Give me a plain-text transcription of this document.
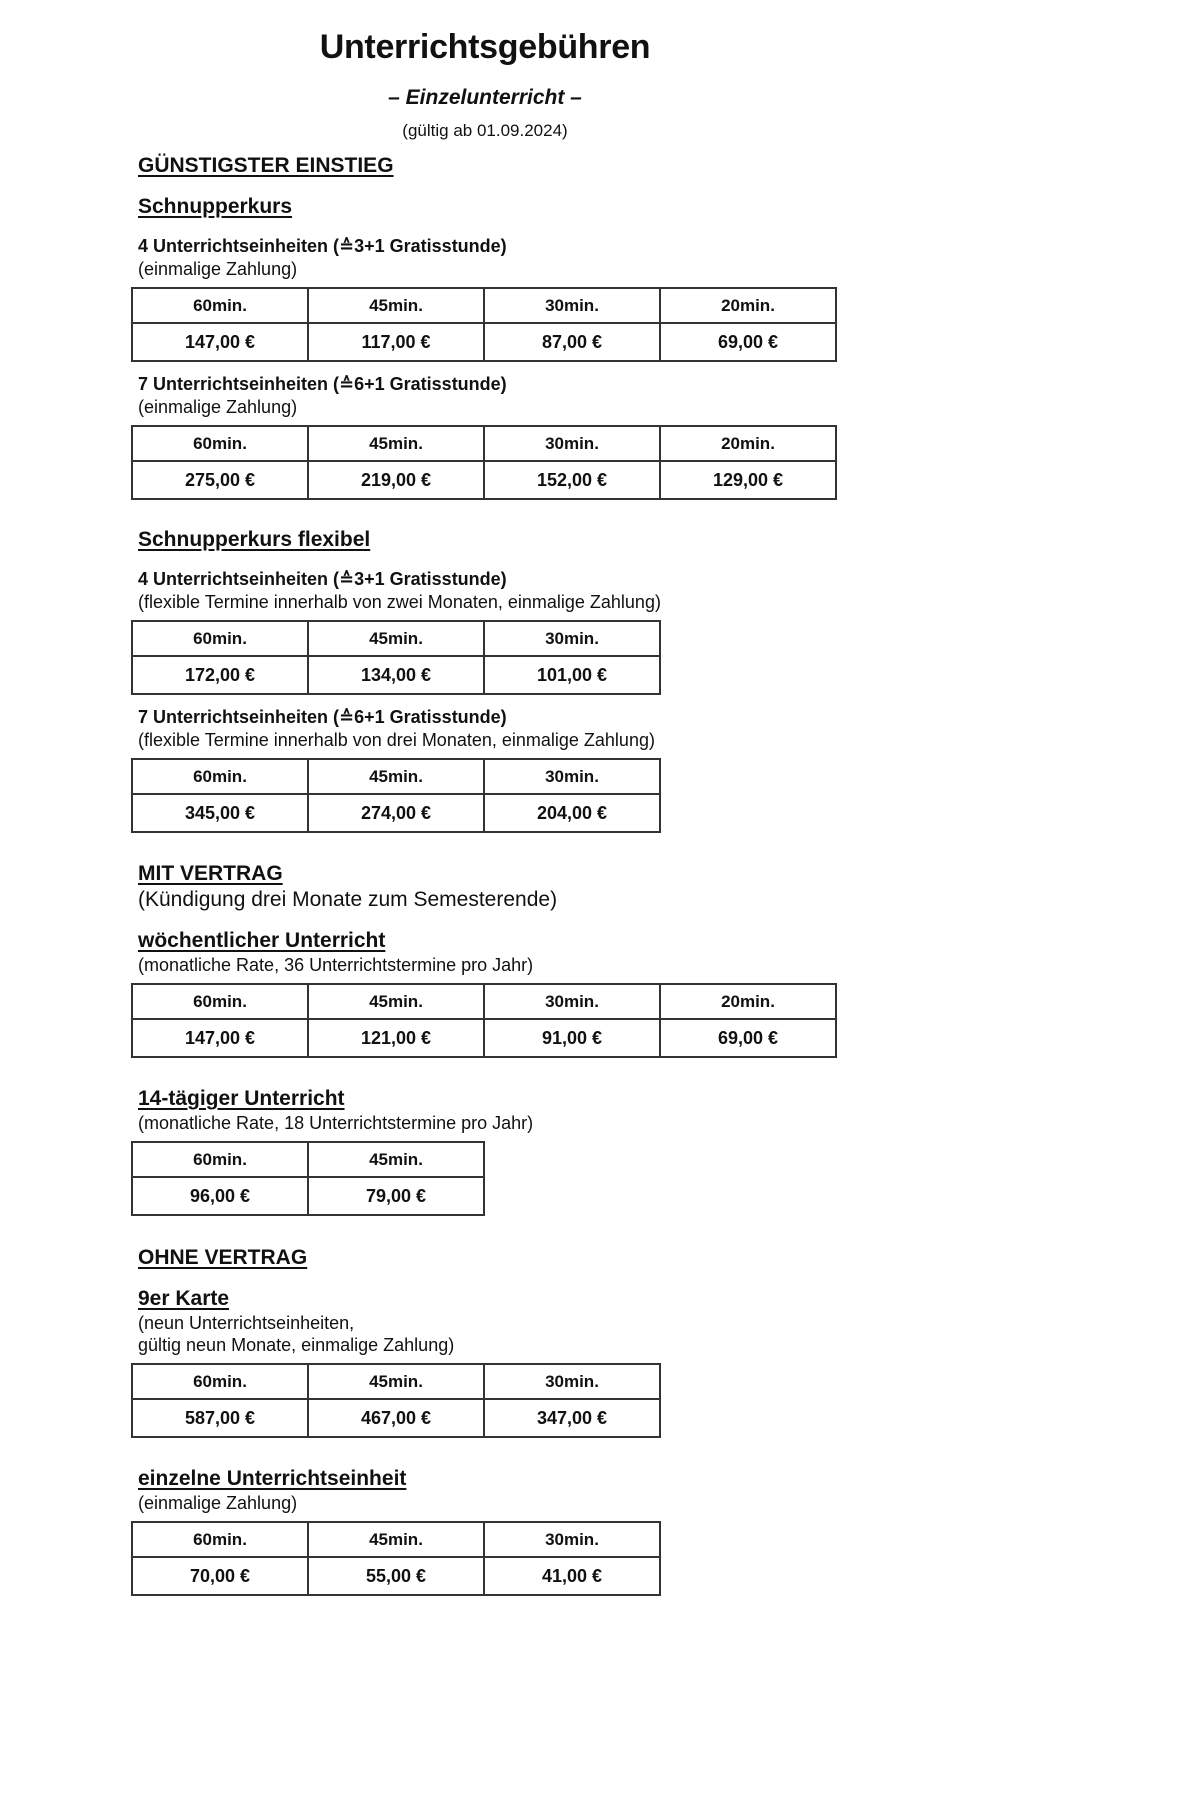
Unterrichtsgebühren
– Einzelunterricht –
(gültig ab 01.09.2024)
GÜNSTIGSTER EINSTIEG
Schnupperkurs
4 Unterrichtseinheiten (≙3+1 Gratisstunde)
(einmalige Zahlung)
60min.	45min.	30min.	20min.
147,00 €	117,00 €	87,00 €	69,00 €
7 Unterrichtseinheiten (≙6+1 Gratisstunde)
(einmalige Zahlung)
60min.	45min.	30min.	20min.
275,00 €	219,00 €	152,00 €	129,00 €
Schnupperkurs flexibel
4 Unterrichtseinheiten (≙3+1 Gratisstunde)
(flexible Termine innerhalb von zwei Monaten, einmalige Zahlung)
60min.	45min.	30min.
172,00 €	134,00 €	101,00 €
7 Unterrichtseinheiten (≙6+1 Gratisstunde)
(flexible Termine innerhalb von drei Monaten, einmalige Zahlung)
60min.	45min.	30min.
345,00 €	274,00 €	204,00 €
MIT VERTRAG
(Kündigung drei Monate zum Semesterende)
wöchentlicher Unterricht
(monatliche Rate, 36 Unterrichtstermine pro Jahr)
60min.	45min.	30min.	20min.
147,00 €	121,00 €	91,00 €	69,00 €
14-tägiger Unterricht
(monatliche Rate, 18 Unterrichtstermine pro Jahr)
60min.	45min.
96,00 €	79,00 €
OHNE VERTRAG
9er Karte
(neun Unterrichtseinheiten,
gültig neun Monate, einmalige Zahlung)
60min.	45min.	30min.
587,00 €	467,00 €	347,00 €
einzelne Unterrichtseinheit
(einmalige Zahlung)
60min.	45min.	30min.
70,00 €	55,00 €	41,00 €
